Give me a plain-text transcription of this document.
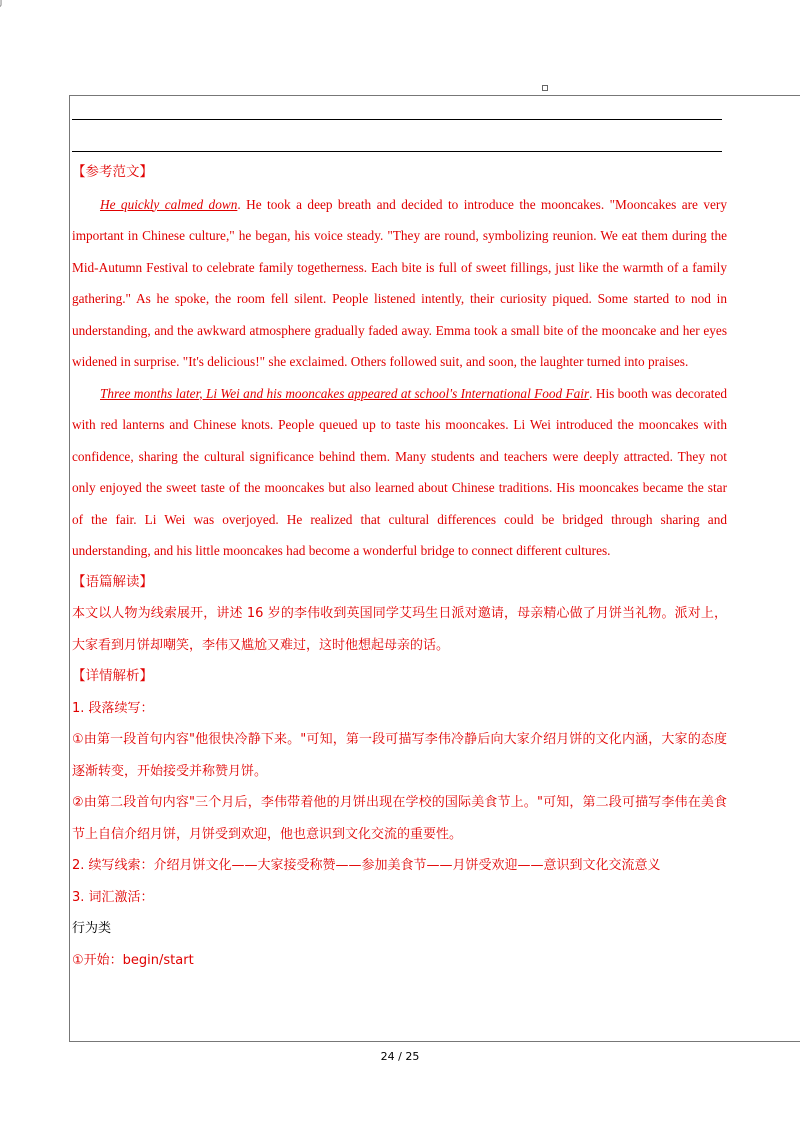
J
【参考范文】

He quickly calmed down. He took a deep breath and decided to introduce the mooncakes. "Mooncakes are very important in Chinese culture," he began, his voice steady. "They are round, symbolizing reunion. We eat them during the Mid-Autumn Festival to celebrate family togetherness. Each bite is full of sweet fillings, just like the warmth of a family gathering." As he spoke, the room fell silent. People listened intently, their curiosity piqued. Some started to nod in understanding, and the awkward atmosphere gradually faded away. Emma took a small bite of the mooncake and her eyes widened in surprise. "It's delicious!" she exclaimed. Others followed suit, and soon, the laughter turned into praises.

Three months later, Li Wei and his mooncakes appeared at school's International Food Fair. His booth was decorated with red lanterns and Chinese knots. People queued up to taste his mooncakes. Li Wei introduced the mooncakes with confidence, sharing the cultural significance behind them. Many students and teachers were deeply attracted. They not only enjoyed the sweet taste of the mooncakes but also learned about Chinese traditions. His mooncakes became the star of the fair. Li Wei was overjoyed. He realized that cultural differences could be bridged through sharing and understanding, and his little mooncakes had become a wonderful bridge to connect different cultures.

【语篇解读】

本文以人物为线索展开，讲述 16 岁的李伟收到英国同学艾玛生日派对邀请，母亲精心做了月饼当礼物。派对上，大家看到月饼却嘲笑，李伟又尴尬又难过，这时他想起母亲的话。

【详情解析】

1. 段落续写：

①由第一段首句内容"他很快冷静下来。"可知，第一段可描写李伟冷静后向大家介绍月饼的文化内涵，大家的态度逐渐转变，开始接受并称赞月饼。

②由第二段首句内容"三个月后，李伟带着他的月饼出现在学校的国际美食节上。"可知，第二段可描写李伟在美食节上自信介绍月饼，月饼受到欢迎，他也意识到文化交流的重要性。

2. 续写线索：介绍月饼文化——大家接受称赞——参加美食节——月饼受欢迎——意识到文化交流意义

3. 词汇激活：

行为类

①开始：begin/start

24 / 25
